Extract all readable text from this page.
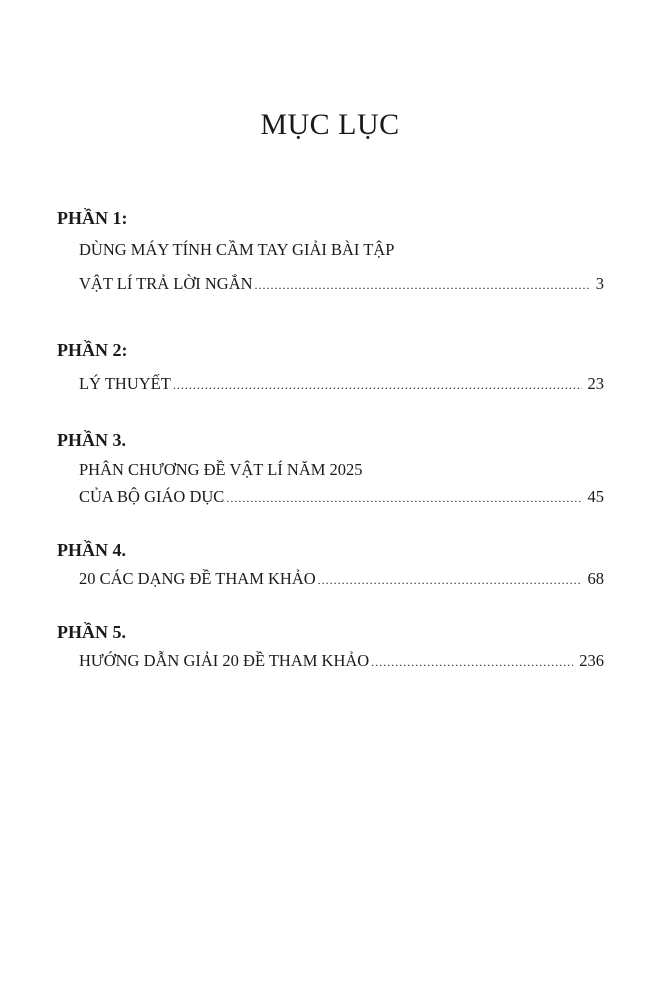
MỤC LỤC
PHẦN 1:
DÙNG MÁY TÍNH CẦM TAY GIẢI BÀI TẬP
VẬT LÍ TRẢ LỜI NGẮN .....	3
PHẦN 2:
LÝ THUYẾT .....	23
PHẦN 3.
PHÂN CHƯƠNG ĐỀ VẬT LÍ NĂM 2025
CỦA BỘ GIÁO DỤC .....	45
PHẦN 4.
20 CÁC DẠNG ĐỀ THAM KHẢO .....	68
PHẦN 5.
HƯỚNG DẪN GIẢI 20 ĐỀ THAM KHẢO .....	236
